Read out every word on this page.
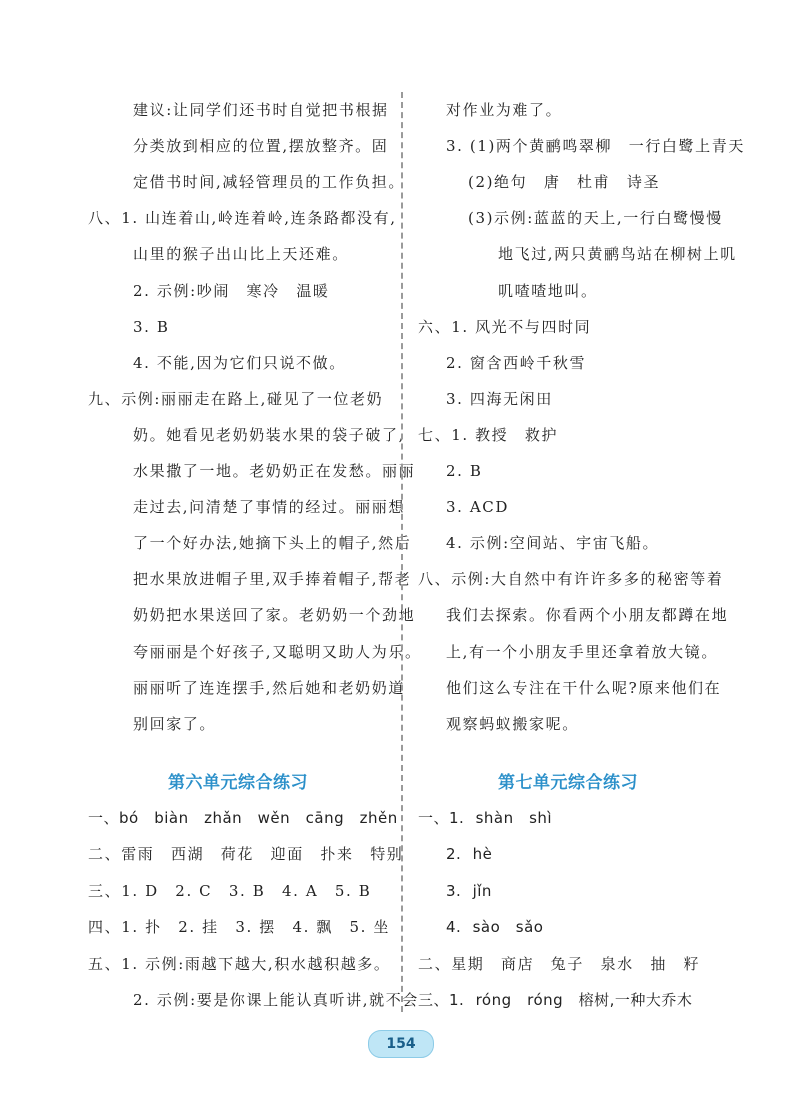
建议:让同学们还书时自觉把书根据
分类放到相应的位置,摆放整齐。固
定借书时间,减轻管理员的工作负担。
八、1. 山连着山,岭连着岭,连条路都没有,
山里的猴子出山比上天还难。
2. 示例:吵闹　寒冷　温暖
3. B
4. 不能,因为它们只说不做。
九、示例:丽丽走在路上,碰见了一位老奶
奶。她看见老奶奶装水果的袋子破了,
水果撒了一地。老奶奶正在发愁。丽丽
走过去,问清楚了事情的经过。丽丽想
了一个好办法,她摘下头上的帽子,然后
把水果放进帽子里,双手捧着帽子,帮老
奶奶把水果送回了家。老奶奶一个劲地
夸丽丽是个好孩子,又聪明又助人为乐。
丽丽听了连连摆手,然后她和老奶奶道
别回家了。
第六单元综合练习
一、bó　biàn　zhǎn　wěn　cāng　zhěn
二、雷雨　西湖　荷花　迎面　扑来　特别
三、1. D　2. C　3. B　4. A　5. B
四、1. 扑　2. 挂　3. 摆　4. 飘　5. 坐
五、1. 示例:雨越下越大,积水越积越多。
2. 示例:要是你课上能认真听讲,就不会
对作业为难了。
3. (1)两个黄鹂鸣翠柳　一行白鹭上青天
(2)绝句　唐　杜甫　诗圣
(3)示例:蓝蓝的天上,一行白鹭慢慢
地飞过,两只黄鹂鸟站在柳树上叽
叽喳喳地叫。
六、1. 风光不与四时同
2. 窗含西岭千秋雪
3. 四海无闲田
七、1. 教授　救护
2. B
3. ACD
4. 示例:空间站、宇宙飞船。
八、示例:大自然中有许许多多的秘密等着
我们去探索。你看两个小朋友都蹲在地
上,有一个小朋友手里还拿着放大镜。
他们这么专注在干什么呢?原来他们在
观察蚂蚁搬家呢。
第七单元综合练习
一、1. shàn　shì
2. hè
3. jǐn
4. sào　sǎo
二、星期　商店　兔子　泉水　抽　籽
三、1. róng　róng　榕树,一种大乔木
154
